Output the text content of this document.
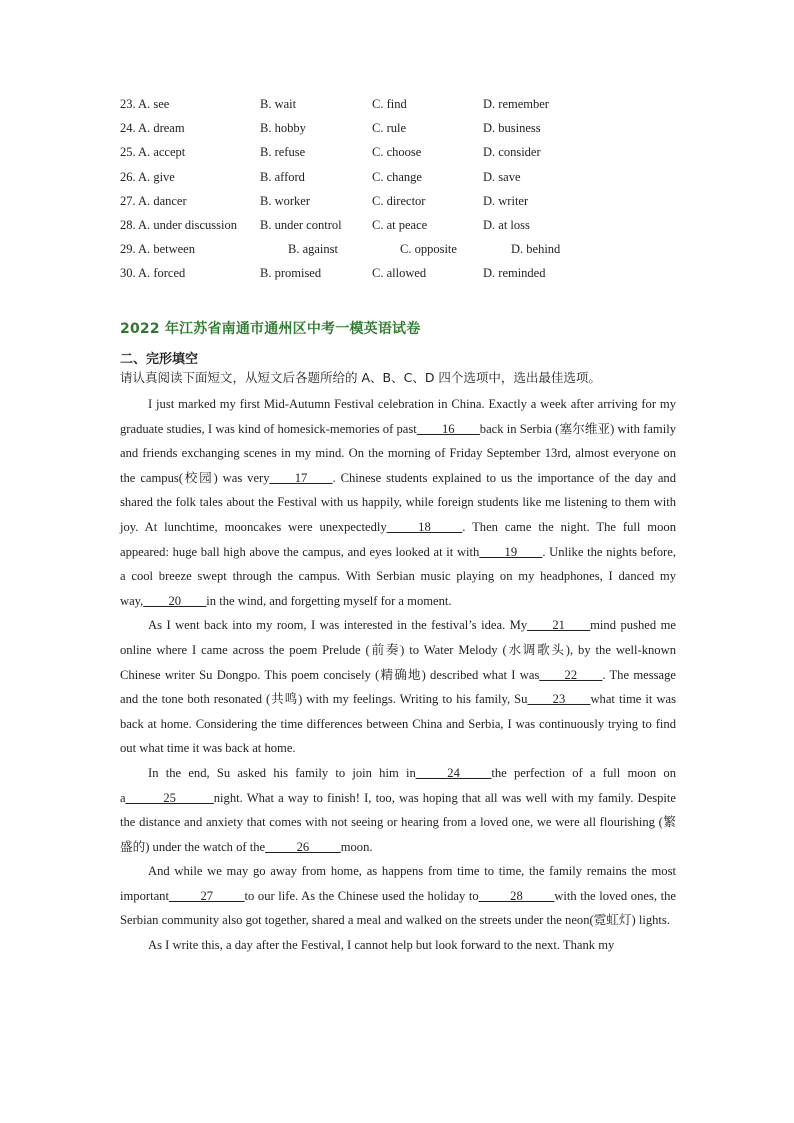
23. A. see	B. wait	C. find	D. remember
24. A. dream	B. hobby	C. rule	D. business
25. A. accept	B. refuse	C. choose	D. consider
26. A. give	B. afford	C. change	D. save
27. A. dancer	B. worker	C. director	D. writer
28. A. under discussion B. under control C. at peace	D. at loss
29. A. between	B. against	C. opposite	D. behind
30. A. forced	B. promised	C. allowed	D. reminded
2022 年江苏省南通市通州区中考一模英语试卷
二、完形填空
请认真阅读下面短文，从短文后各题所给的 A、B、C、D 四个选项中，选出最佳选项。

I just marked my first Mid-Autumn Festival celebration in China. Exactly a week after arriving for my graduate studies, I was kind of homesick-memories of past____16____back in Serbia (塞尔维亚) with family and friends exchanging scenes in my mind. On the morning of Friday September 13rd, almost everyone on the campus(校园) was very____17____. Chinese students explained to us the importance of the day and shared the folk tales about the Festival with us happily, while foreign students like me listening to them with joy. At lunchtime, mooncakes were unexpectedly_____18_____. Then came the night. The full moon appeared: huge ball high above the campus, and eyes looked at it with____19____. Unlike the nights before, a cool breeze swept through the campus. With Serbian music playing on my headphones, I danced my way,____20____in the wind, and forgetting myself for a moment.

As I went back into my room, I was interested in the festival’s idea. My____21____mind pushed me online where I came across the poem Prelude (前奏) to Water Melody (水调歌头), by the well-known Chinese writer Su Dongpo. This poem concisely (精确地) described what I was____22____. The message and the tone both resonated (共鸣) with my feelings. Writing to his family, Su____23____what time it was back at home. Considering the time differences between China and Serbia, I was continuously trying to find out what time it was back at home.

In the end, Su asked his family to join him in_____24_____the perfection of a full moon on a______25______night. What a way to finish! I, too, was hoping that all was well with my family. Despite the distance and anxiety that comes with not seeing or hearing from a loved one, we were all flourishing (繁盛的) under the watch of the_____26_____moon.

And while we may go away from home, as happens from time to time, the family remains the most important_____27_____to our life. As the Chinese used the holiday to_____28_____with the loved ones, the Serbian community also got together, shared a meal and walked on the streets under the neon(霓虹灯) lights.

As I write this, a day after the Festival, I cannot help but look forward to the next. Thank my
